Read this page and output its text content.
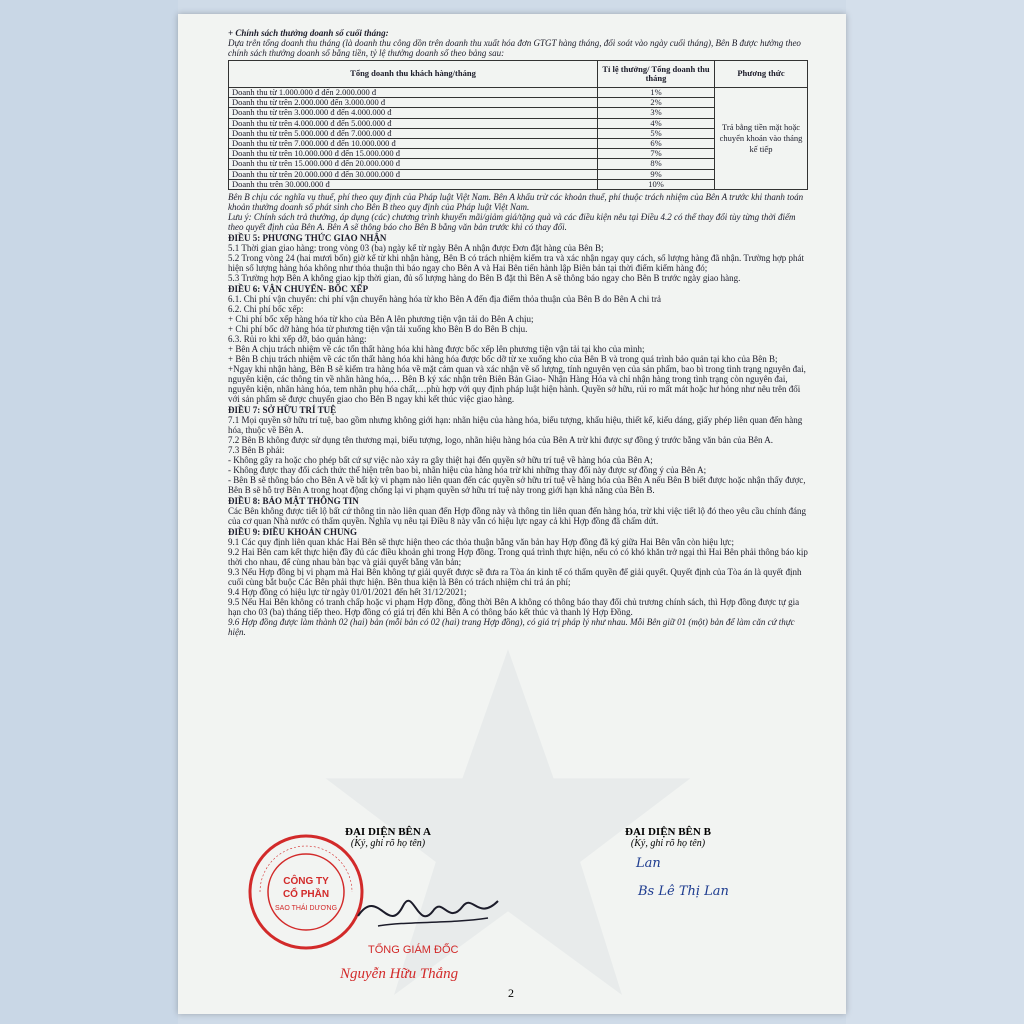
+ Chính sách thưởng doanh số cuối tháng:

Dựa trên tổng doanh thu tháng (là doanh thu công dồn trên doanh thu xuất hóa đơn GTGT hàng tháng, đối soát vào ngày cuối tháng), Bên B được hưởng theo chính sách thưởng doanh số bằng tiền, tỷ lệ thưởng doanh số theo bảng sau:

Tổng doanh thu khách hàng/tháng	Tỉ lệ thưởng/ Tổng doanh thu tháng	Phương thức
Doanh thu từ 1.000.000 đ đến 2.000.000 đ	1%	Trả bằng tiền mặt hoặc chuyển khoản vào tháng kế tiếp
Doanh thu từ trên 2.000.000 đến 3.000.000 đ	2%	
Doanh thu từ trên 3.000.000 đ đến 4.000.000 đ	3%	
Doanh thu từ trên 4.000.000 đ đến 5.000.000 đ	4%	
Doanh thu từ trên 5.000.000 đ đến 7.000.000 đ	5%	
Doanh thu từ trên 7.000.000 đ đến 10.000.000 đ	6%	
Doanh thu từ trên 10.000.000 đ đến 15.000.000 đ	7%	
Doanh thu từ trên 15.000.000 đ đến 20.000.000 đ	8%	
Doanh thu từ trên 20.000.000 đ đến 30.000.000 đ	9%	
Doanh thu trên 30.000.000 đ	10%	

Bên B chịu các nghĩa vụ thuế, phí theo quy định của Pháp luật Việt Nam. Bên A khấu trừ các khoản thuế, phí thuộc trách nhiệm của Bên A trước khi thanh toán khoản thưởng doanh số phát sinh cho Bên B theo quy định của Pháp luật Việt Nam.

Lưu ý: Chính sách trả thưởng, áp dụng (các) chương trình khuyến mãi/giảm giá/tặng quà và các điều kiện nêu tại Điều 4.2 có thể thay đổi tùy từng thời điểm theo quyết định của Bên A. Bên A sẽ thông báo cho Bên B bằng văn bản trước khi có thay đổi.

ĐIỀU 5: PHƯƠNG THỨC GIAO NHẬN

5.1 Thời gian giao hàng: trong vòng 03 (ba) ngày kể từ ngày Bên A nhận được Đơn đặt hàng của Bên B;

5.2 Trong vòng 24 (hai mươi bốn) giờ kể từ khi nhận hàng, Bên B có trách nhiệm kiểm tra và xác nhận ngay quy cách, số lượng hàng đã nhận. Trường hợp phát hiện số lượng hàng hóa không như thỏa thuận thì báo ngay cho Bên A và Hai Bên tiến hành lập Biên bản tại thời điểm kiểm hàng đó;

5.3 Trường hợp Bên A không giao kịp thời gian, đủ số lượng hàng do Bên B đặt thì Bên A sẽ thông báo ngay cho Bên B trước ngày giao hàng.

ĐIỀU 6: VẬN CHUYỂN- BỐC XẾP

6.1. Chi phí vận chuyển: chi phí vận chuyển hàng hóa từ kho Bên A đến địa điểm thỏa thuận của Bên B do Bên A chi trả

6.2. Chi phí bốc xếp:

+ Chi phí bốc xếp hàng hóa từ kho của Bên A lên phương tiện vận tải do Bên A chịu;

+ Chi phí bốc dỡ hàng hóa từ phương tiện vận tải xuống kho Bên B do Bên B chịu.

6.3. Rủi ro khi xếp dỡ, bảo quản hàng:

+ Bên A chịu trách nhiệm về các tổn thất hàng hóa khi hàng được bốc xếp lên phương tiện vận tải tại kho của mình;

+ Bên B chịu trách nhiệm về các tổn thất hàng hóa khi hàng hóa được bốc dỡ từ xe xuống kho của Bên B và trong quá trình bảo quản tại kho của Bên B;

+Ngay khi nhận hàng, Bên B sẽ kiểm tra hàng hóa về mặt cảm quan và xác nhận về số lượng, tính nguyên vẹn của sản phẩm, bao bì trong tình trạng nguyên đai, nguyên kiện, các thông tin về nhãn hàng hóa,… Bên B ký xác nhận trên Biên Bản Giao- Nhận Hàng Hóa và chỉ nhận hàng trong tình trạng còn nguyên đai, nguyên kiện, nhãn hàng hóa, tem nhãn phụ hóa chất,…phù hợp với quy định pháp luật hiện hành. Quyền sở hữu, rủi ro mất mát hoặc hư hỏng như nêu trên đối với sản phẩm sẽ được chuyển giao cho Bên B ngay khi kết thúc việc giao hàng.

ĐIỀU 7: SỞ HỮU TRÍ TUỆ

7.1 Mọi quyền sở hữu trí tuệ, bao gồm nhưng không giới hạn: nhãn hiệu của hàng hóa, biểu tượng, khẩu hiệu, thiết kế, kiểu dáng, giấy phép liên quan đến hàng hóa, thuộc về Bên A.

7.2 Bên B không được sử dụng tên thương mại, biểu tượng, logo, nhãn hiệu hàng hóa của Bên A trừ khi được sự đồng ý trước bằng văn bản của Bên A.

7.3 Bên B phải:

- Không gây ra hoặc cho phép bất cứ sự việc nào xảy ra gây thiệt hại đến quyền sở hữu trí tuệ về hàng hóa của Bên A;

- Không được thay đổi cách thức thể hiện trên bao bì, nhãn hiệu của hàng hóa trừ khi những thay đổi này được sự đồng ý của Bên A;

- Bên B sẽ thông báo cho Bên A về bất kỳ vi phạm nào liên quan đến các quyền sở hữu trí tuệ về hàng hóa của Bên A nếu Bên B biết được hoặc nhận thấy được, Bên B sẽ hỗ trợ Bên A trong hoạt động chống lại vi phạm quyền sở hữu trí tuệ này trong giới hạn khả năng của Bên B.

ĐIỀU 8: BẢO MẬT THÔNG TIN

Các Bên không được tiết lộ bất cứ thông tin nào liên quan đến Hợp đồng này và thông tin liên quan đến hàng hóa, trừ khi việc tiết lộ đó theo yêu cầu chính đáng của cơ quan Nhà nước có thẩm quyền. Nghĩa vụ nêu tại Điều 8 này vẫn có hiệu lực ngay cả khi Hợp đồng đã chấm dứt.

ĐIỀU 9: ĐIỀU KHOẢN CHUNG

9.1 Các quy định liên quan khác Hai Bên sẽ thực hiện theo các thỏa thuận bằng văn bản hay Hợp đồng đã ký giữa Hai Bên vẫn còn hiệu lực;

9.2 Hai Bên cam kết thực hiện đầy đủ các điều khoản ghi trong Hợp đồng. Trong quá trình thực hiện, nếu có có khó khăn trở ngại thì Hai Bên phải thông báo kịp thời cho nhau, để cùng nhau bàn bạc và giải quyết bằng văn bản;

9.3 Nếu Hợp đồng bị vi phạm mà Hai Bên không tự giải quyết được sẽ đưa ra Tòa án kinh tế có thẩm quyền để giải quyết. Quyết định của Tòa án là quyết định cuối cùng bắt buộc Các Bên phải thực hiện. Bên thua kiện là Bên có trách nhiệm chi trả án phí;

9.4 Hợp đồng có hiệu lực từ ngày 01/01/2021 đến hết 31/12/2021;

9.5 Nếu Hai Bên không có tranh chấp hoặc vi phạm Hợp đồng, đồng thời Bên A không có thông báo thay đổi chủ trương chính sách, thì Hợp đồng được tự gia hạn cho 03 (ba) tháng tiếp theo. Hợp đồng có giá trị đến khi Bên A có thông báo kết thúc và thanh lý Hợp Đồng.

9.6 Hợp đồng được làm thành 02 (hai) bản (mỗi bản có 02 (hai) trang Hợp đồng), có giá trị pháp lý như nhau. Mỗi Bên giữ 01 (một) bản để làm căn cứ thực hiện.

ĐẠI DIỆN BÊN A
(Ký, ghi rõ họ tên)
ĐẠI DIỆN BÊN B
(Ký, ghi rõ họ tên)
CÔNG TY
CỔ PHẦN
SAO THÁI DƯƠNG
TỔNG GIÁM ĐỐC
Nguyễn Hữu Thắng
Lan
Bs Lê Thị Lan
2
